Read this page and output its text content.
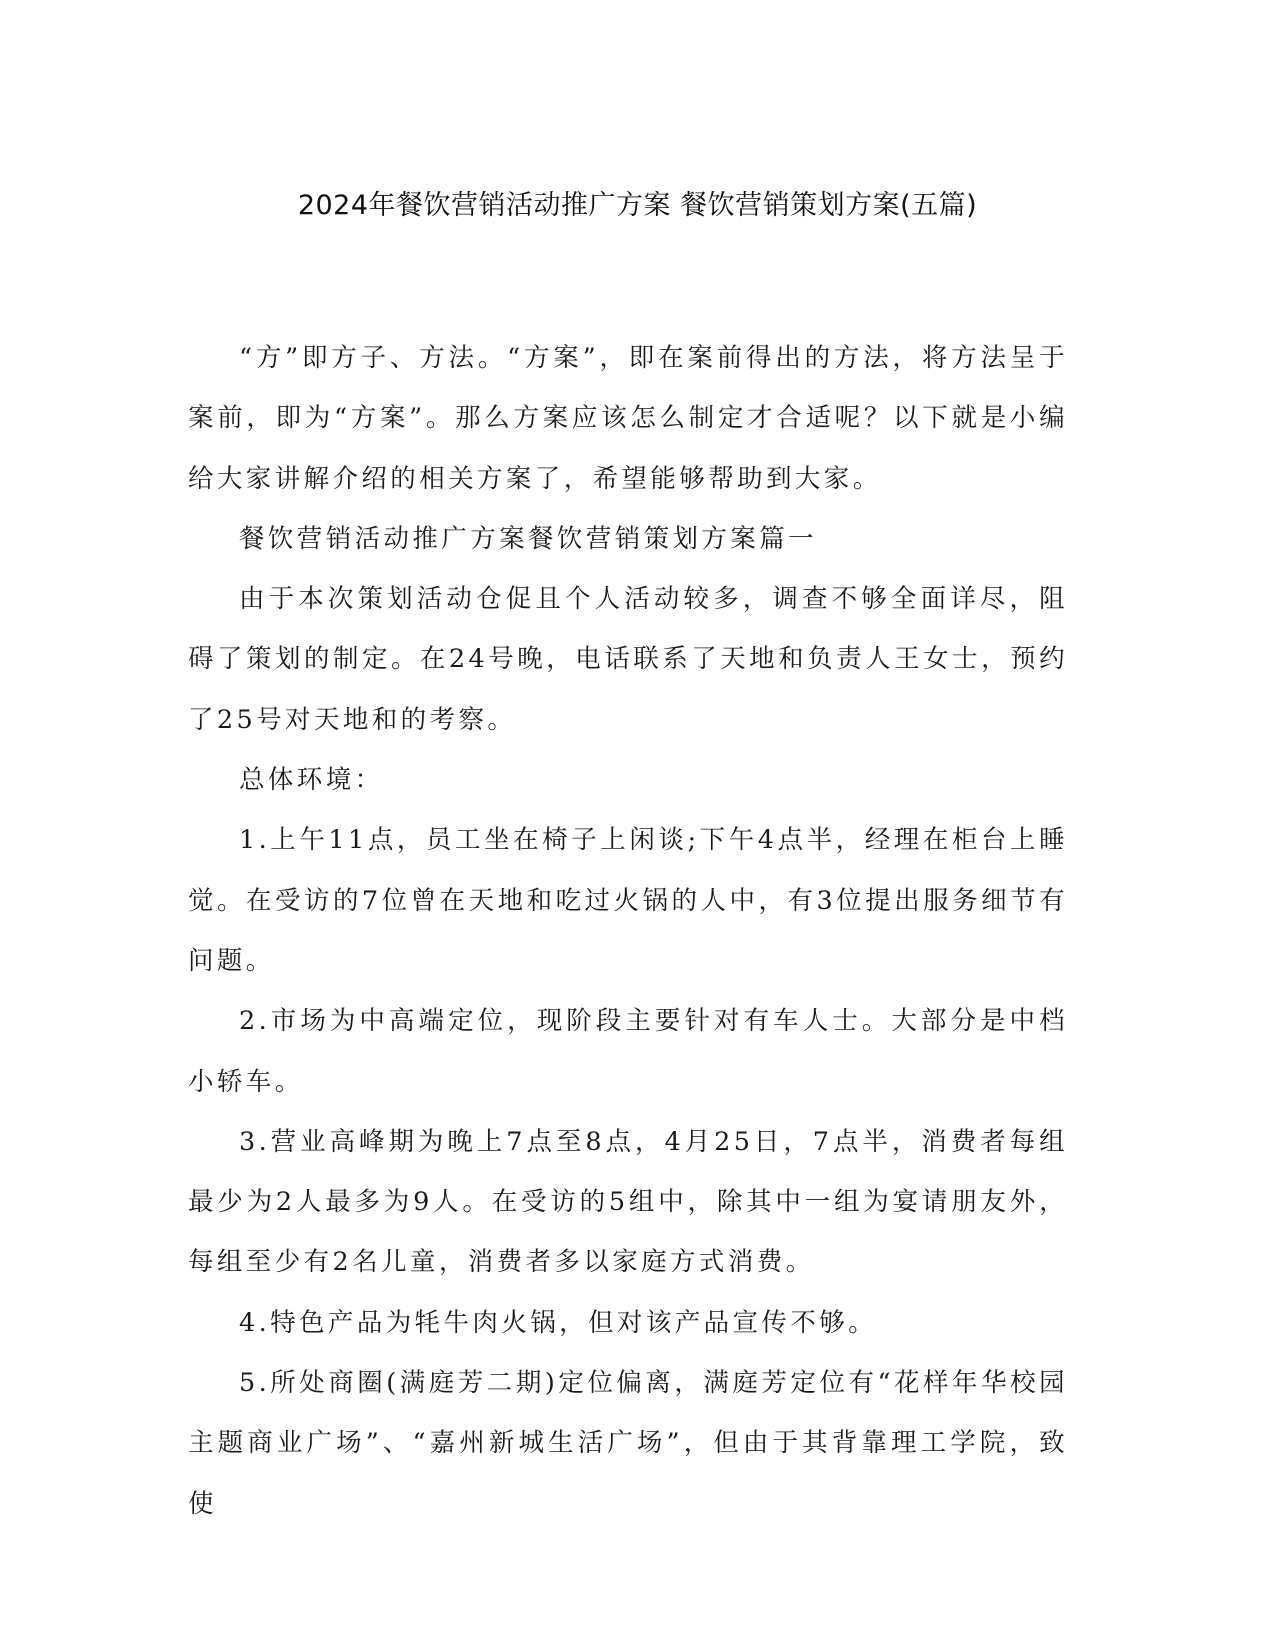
2024年餐饮营销活动推广方案 餐饮营销策划方案(五篇)

“方”即方子、方法。“方案”，即在案前得出的方法，将方法呈于案前，即为“方案”。那么方案应该怎么制定才合适呢？以下就是小编给大家讲解介绍的相关方案了，希望能够帮助到大家。

餐饮营销活动推广方案餐饮营销策划方案篇一

由于本次策划活动仓促且个人活动较多，调查不够全面详尽，阻碍了策划的制定。在24号晚，电话联系了天地和负责人王女士，预约了25号对天地和的考察。

总体环境：

1.上午11点，员工坐在椅子上闲谈;下午4点半，经理在柜台上睡觉。在受访的7位曾在天地和吃过火锅的人中，有3位提出服务细节有问题。

2.市场为中高端定位，现阶段主要针对有车人士。大部分是中档小轿车。

3.营业高峰期为晚上7点至8点，4月25日，7点半，消费者每组最少为2人最多为9人。在受访的5组中，除其中一组为宴请朋友外，每组至少有2名儿童，消费者多以家庭方式消费。

4.特色产品为牦牛肉火锅，但对该产品宣传不够。

5.所处商圈(满庭芳二期)定位偏离，满庭芳定位有“花样年华校园主题商业广场”、“嘉州新城生活广场”，但由于其背靠理工学院，致使
